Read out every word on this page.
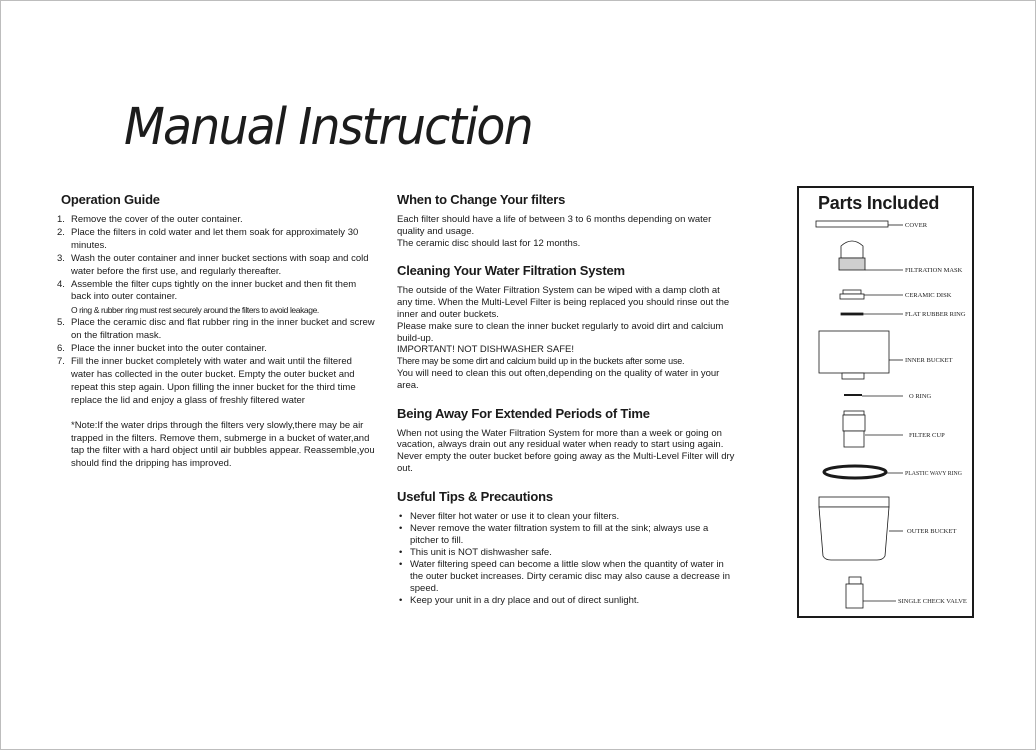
Manual Instruction
Operation Guide
1. Remove the cover of the outer container.
2. Place the filters in cold water and let them soak for approximately 30 minutes.
3. Wash the outer container and inner bucket sections with soap and cold water before the first use, and regularly thereafter.
4. Assemble the filter cups tightly on the inner bucket and then fit them back into outer container.
O ring & rubber ring must rest securely around the filters to avoid leakage.
5. Place the ceramic disc and flat rubber ring in the inner bucket and screw on the filtration mask.
6. Place the inner bucket into the outer container.
7. Fill the inner bucket completely with water and wait until the filtered water has collected in the outer bucket. Empty the outer bucket and repeat this step again. Upon filling the inner bucket for the third time replace the lid and enjoy a glass of freshly filtered water
*Note:If the water drips through the filters very slowly,there may be air trapped in the filters. Remove them, submerge in a bucket of water,and tap the filter with a hard object until air bubbles appear. Reassemble,you should find the dripping has improved.
When to Change Your filters

Each filter should have a life of between 3 to 6 months depending on water quality and usage.

The ceramic disc should last for 12 months.

Cleaning Your Water Filtration System

The outside of the Water Filtration System can be wiped with a damp cloth at any time. When the Multi-Level Filter is being replaced you should rinse out the inner and outer buckets.

Please make sure to clean the inner bucket regularly to avoid dirt and calcium build-up.

IMPORTANT! NOT DISHWASHER SAFE!

There may be some dirt and calcium build up in the buckets after some use.

You will need to clean this out often,depending on the quality of water in your area.

Being Away For Extended Periods of Time

When not using the Water Filtration System for more than a week or going on vacation, always drain out any residual water when ready to start using again. Never empty the outer bucket before going away as the Multi-Level Filter will dry out.

Useful Tips & Precautions
• Never filter hot water or use it to clean your filters.
• Never remove the water filtration system to fill at the sink; always use a pitcher to fill.
• This unit is NOT dishwasher safe.
• Water filtering speed can become a little slow when the quantity of water in the outer bucket increases. Dirty ceramic disc may also cause a decrease in speed.
• Keep your unit in a dry place and out of direct sunlight.
Parts Included
COVER
FILTRATION MASK
CERAMIC DISK
FLAT RUBBER RING
INNER BUCKET
O RING
FILTER CUP
PLASTIC WAVY RING
OUTER BUCKET
SINGLE CHECK VALVE
